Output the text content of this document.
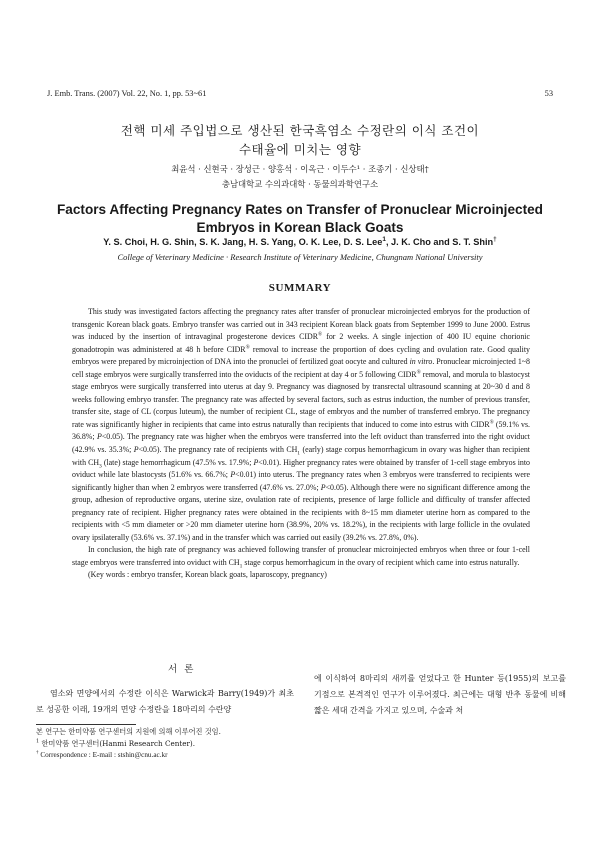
J. Emb. Trans. (2007) Vol. 22, No. 1, pp. 53~61	53
전핵 미세 주입법으로 생산된 한국흑염소 수정란의 이식 조건이
수태율에 미치는 영향
최윤석 · 신현국 · 장성근 · 양홍석 · 이옥근 · 이두수¹ · 조종기 · 신상태†
충남대학교 수의과대학 · 동물의과학연구소
Factors Affecting Pregnancy Rates on Transfer of Pronuclear Microinjected
Embryos in Korean Black Goats
Y. S. Choi, H. G. Shin, S. K. Jang, H. S. Yang, O. K. Lee, D. S. Lee$^1$, J. K. Cho and S. T. Shin†
College of Veterinary Medicine · Research Institute of Veterinary Medicine, Chungnam National University
SUMMARY

This study was investigated factors affecting the pregnancy rates after transfer of pronuclear microinjected embryos for the production of transgenic Korean black goats. Embryo transfer was carried out in 343 recipient Korean black goats from September 1999 to June 2000. Estrus was induced by the insertion of intravaginal progesterone devices CIDR® for 2 weeks. A single injection of 400 IU equine chorionic gonadotropin was administered at 48 h before CIDR® removal to increase the proportion of does cycling and ovulation rate. Good quality embryos were prepared by microinjection of DNA into the pronuclei of fertilized goat oocyte and cultured in vitro. Pronuclear microinjected 1~8 cell stage embryos were surgically transferred into the oviducts of the recipient at day 4 or 5 following CIDR® removal, and morula to blastocyst stage embryos were surgically transferred into uterus at day 9. Pregnancy was diagnosed by transrectal ultrasound scanning at 20~30 d and 8 weeks following embryo transfer. The pregnancy rate was affected by several factors, such as estrus induction, the number of previous transfer, transfer site, stage of CL (corpus luteum), the number of recipient CL, stage of embryos and the number of transferred embryo. The pregnancy rate was significantly higher in recipients that came into estrus naturally than recipients that induced to come into estrus with CIDR® (59.1% vs. 36.8%; P<0.05). The pregnancy rate was higher when the embryos were transferred into the left oviduct than transferred into the right oviduct (42.9% vs. 35.3%; P<0.05). The pregnancy rate of recipients with $CH_1$ (early) stage corpus hemorrhagicum in ovary was higher than recipient with $CH_3$ (late) stage hemorrhagicum (47.5% vs. 17.9%; P<0.01). Higher pregnancy rates were obtained by transfer of 1-cell stage embryos into oviduct while late blastocysts (51.6% vs. 66.7%; P<0.01) into uterus. The pregnancy rates when 3 embryos were transferred to recipients were significantly higher than when 2 embryos were transferred (47.6% vs. 27.0%; P<0.05). Although there were no significant difference among the group, adhesion of reproductive organs, uterine size, ovulation rate of recipients, presence of large follicle and difficulty of transfer affected pregnancy rate of recipient. Higher pregnancy rates were obtained in the recipients with 8~15 mm diameter uterine horn as compared to the recipients with <5 mm diameter or >20 mm diameter uterine horn (38.9%, 20% vs. 18.2%), in the recipients with large follicle in the ovulated ovary ipsilaterally (53.6% vs. 37.1%) and in the transfer which was carried out easily (39.2% vs. 27.8%, 0%).

In conclusion, the high rate of pregnancy was achieved following transfer of pronuclear microinjected embryos when three or four 1-cell stage embryos were transferred into oviduct with $CH_1$ stage corpus hemorrhagicum in the ovary of recipient which came into estrus naturally.

(Key words : embryo transfer, Korean black goats, laparoscopy, pregnancy)

서 론
염소와 면양에서의 수정란 이식은 Warwick과 Barry(1949)가 최초로 성공한 이래, 19개의 면양 수정란을 18마리의 수란양
에 이식하여 8마리의 새끼를 얻었다고 한 Hunter 등(1955)의 보고를 기점으로 본격적인 연구가 이루어졌다. 최근에는 대형 반추 동물에 비해 짧은 세대 간격을 가지고 있으며, 수술과 처
본 연구는 한미약품 연구센터의 지원에 의해 이루어진 것임.
$^1$ 한미약품 연구센터(Hanmi Research Center).
† Correspondence : E-mail : stshin@cnu.ac.kr
